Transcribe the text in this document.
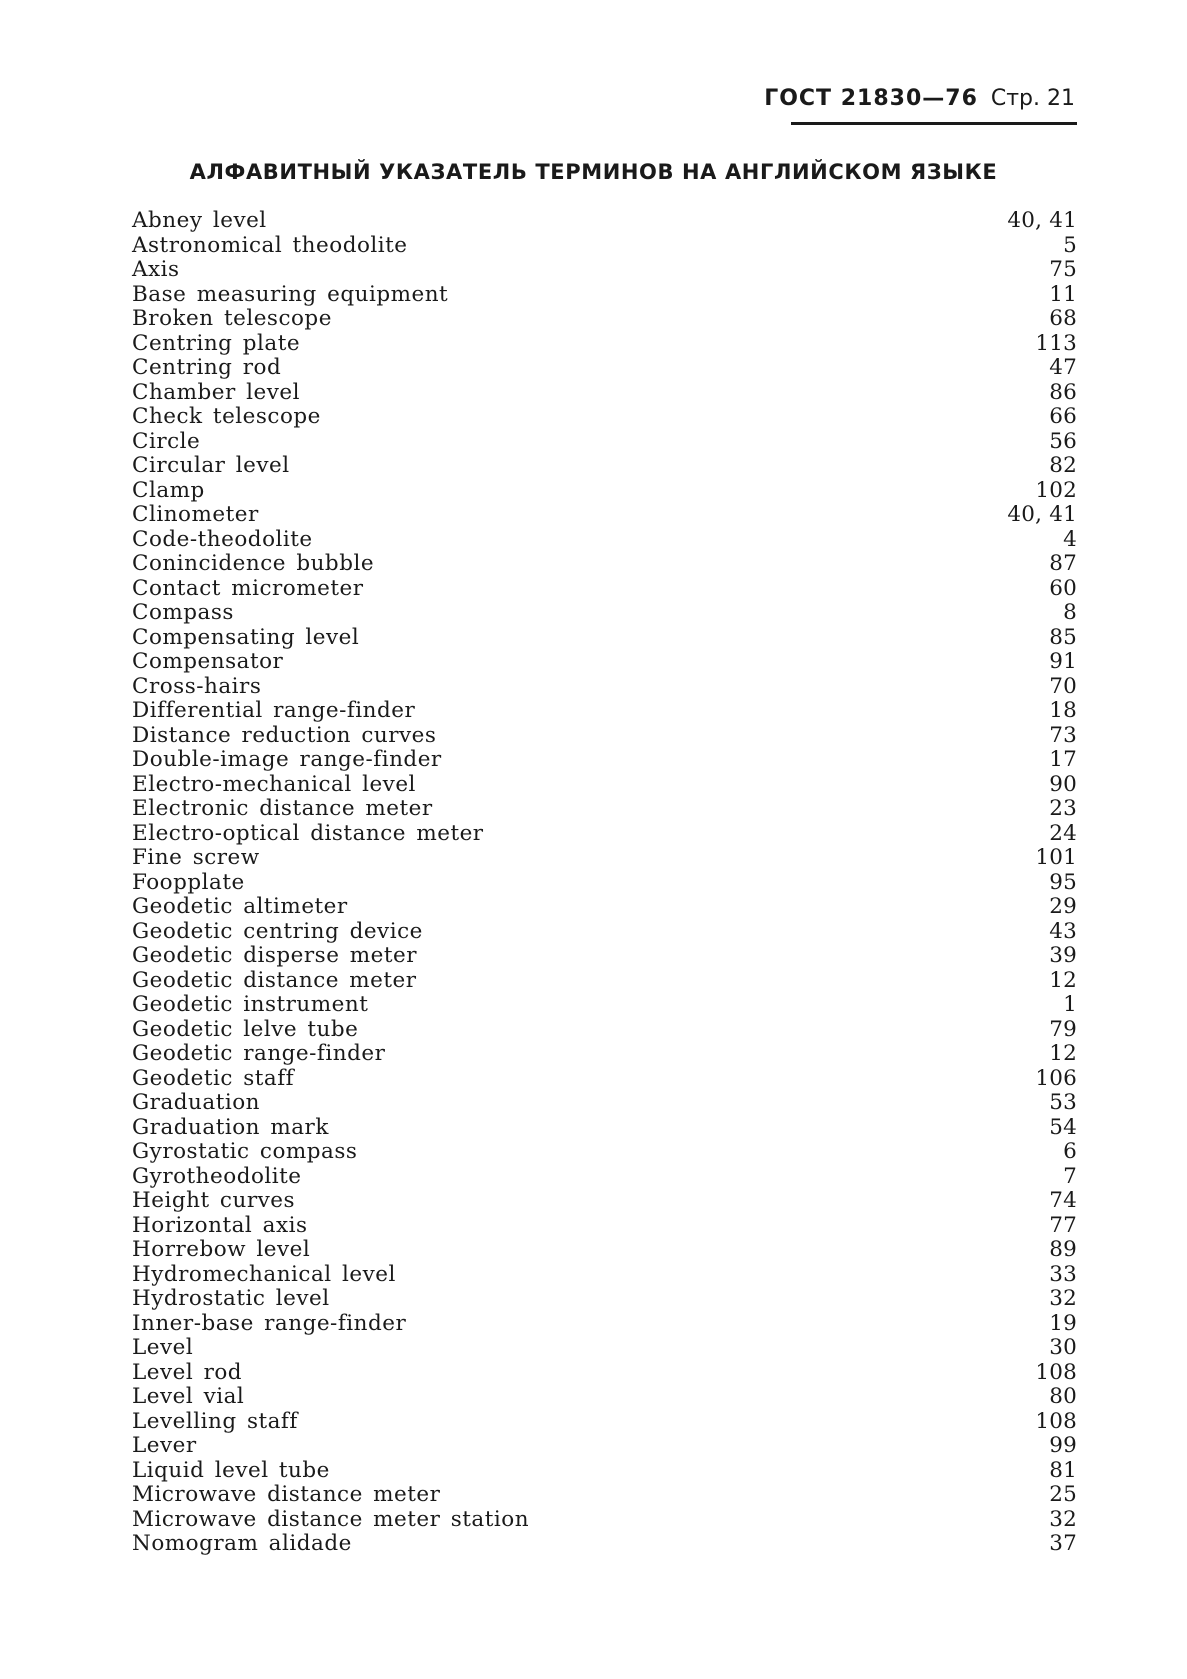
ГОСТ 21830—76 Стр. 21
АЛФАВИТНЫЙ УКАЗАТЕЛЬ ТЕРМИНОВ НА АНГЛИЙСКОМ ЯЗЫКЕ
Abney level	40, 41
Astronomical theodolite	5
Axis	75
Base measuring equipment	11
Broken telescope	68
Centring plate	113
Centring rod	47
Chamber level	86
Check telescope	66
Circle	56
Circular level	82
Clamp	102
Clinometer	40, 41
Code-theodolite	4
Conincidence bubble	87
Contact micrometer	60
Compass	8
Compensating level	85
Compensator	91
Cross-hairs	70
Differential range-finder	18
Distance reduction curves	73
Double-image range-finder	17
Electro-mechanical level	90
Electronic distance meter	23
Electro-optical distance meter	24
Fine screw	101
Foopplate	95
Geodetic altimeter	29
Geodetic centring device	43
Geodetic disperse meter	39
Geodetic distance meter	12
Geodetic instrument	1
Geodetic lelve tube	79
Geodetic range-finder	12
Geodetic staff	106
Graduation	53
Graduation mark	54
Gyrostatic compass	6
Gyrotheodolite	7
Height curves	74
Horizontal axis	77
Horrebow level	89
Hydromechanical level	33
Hydrostatic level	32
Inner-base range-finder	19
Level	30
Level rod	108
Level vial	80
Levelling staff	108
Lever	99
Liquid level tube	81
Microwave distance meter	25
Microwave distance meter station	32
Nomogram alidade	37
